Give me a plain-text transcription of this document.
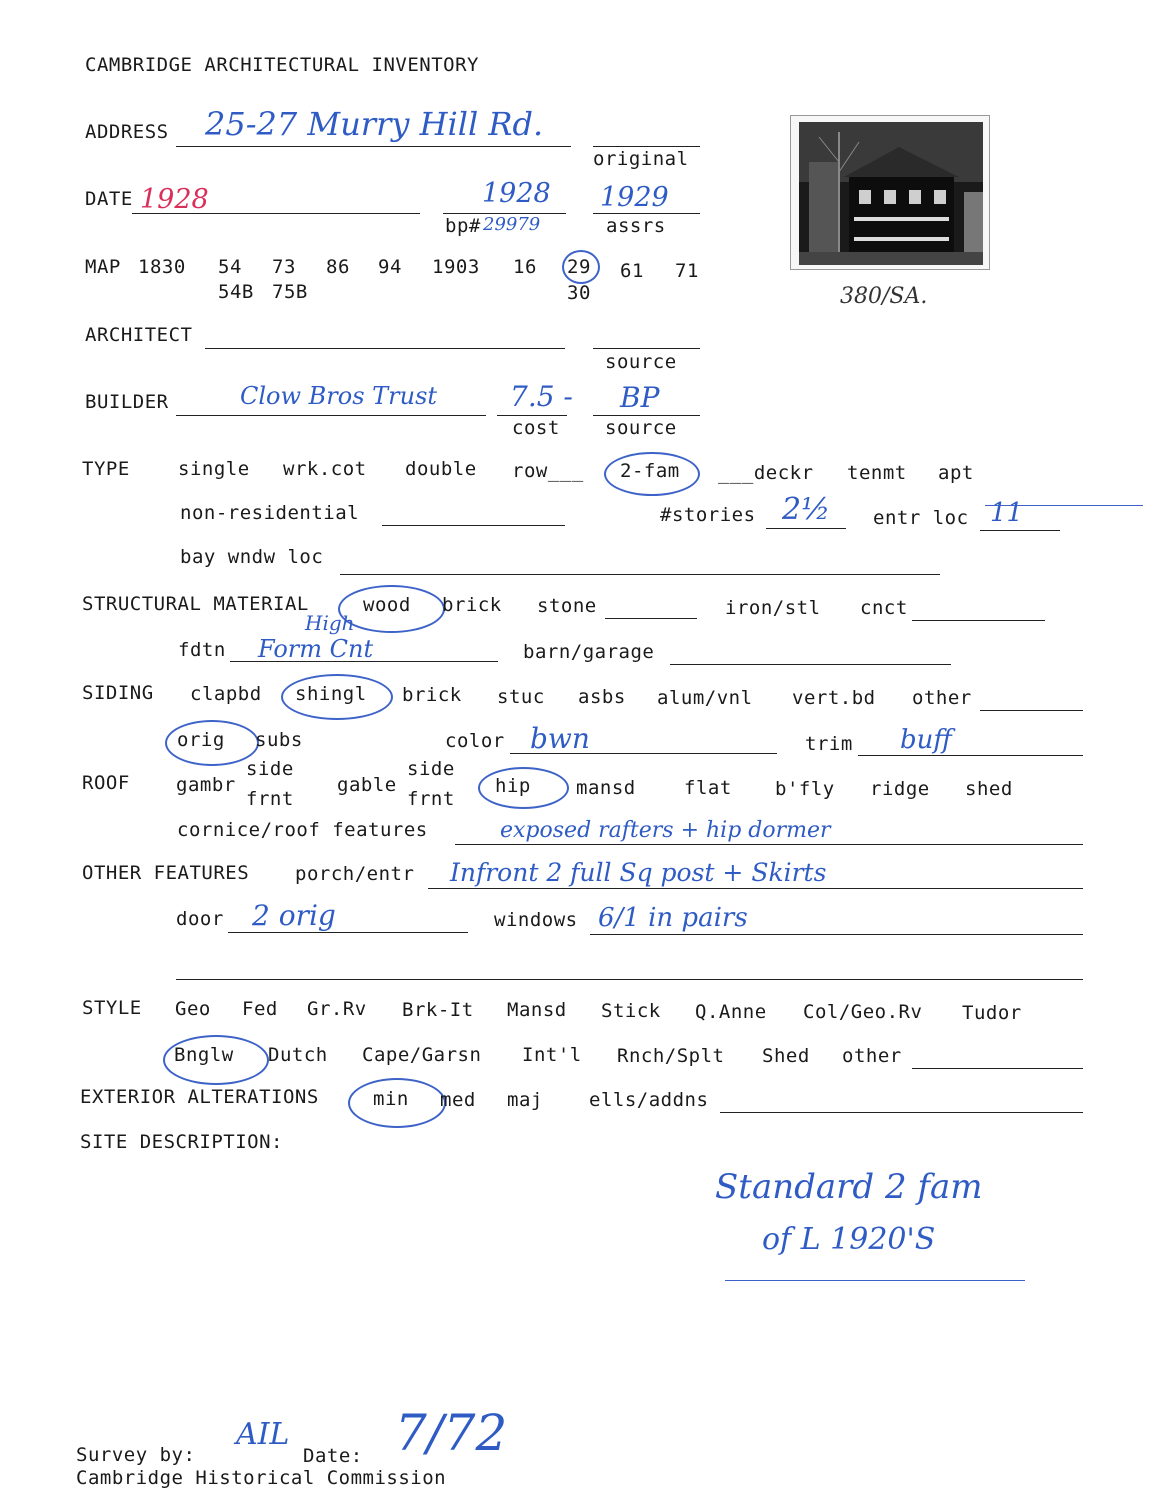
CAMBRIDGE ARCHITECTURAL INVENTORY
ADDRESS 25-27 Murry Hill Rd.
original
380/SA.
DATE 1928	1928
bp# 29979
1929
assrs
MAP 1830 54 73 86 94 1903 16 29 61 71
54B 75B	30
ARCHITECT
source
BUILDER	Clow Bros Trust	7.5 -
cost
BP
source
TYPE	single wrk.cot double row___ 2-fam ___deckr tenmt apt
non-residential	#stories 2½ entr loc 11
bay wndw loc
STRUCTURAL MATERIAL	wood brick stone	iron/stl cnct
fdtn
High
Form Cnt	barn/garage
SIDING clapbd shingl brick stuc asbs alum/vnl vert.bd other
orig subs	color bwn	trim buff
ROOF gambr
side
frnt
gable
side
frnt
hip mansd	flat b'fly ridge shed
cornice/roof features	exposed rafters + hip dormer
OTHER FEATURES porch/entr Infront 2 full Sq post + Skirts
door 2 orig	windows 6/1 in pairs
STYLE Geo Fed Gr.Rv Brk-It Mansd Stick Q.Anne Col/Geo.Rv Tudor
Bnglw Dutch Cape/Garsn Int'l Rnch/Splt Shed other
EXTERIOR ALTERATIONS	min med maj ells/addns
SITE DESCRIPTION:
Standard 2 fam
of L 1920'S
Survey by:
AIL
Date: 7/72
Cambridge Historical Commission
